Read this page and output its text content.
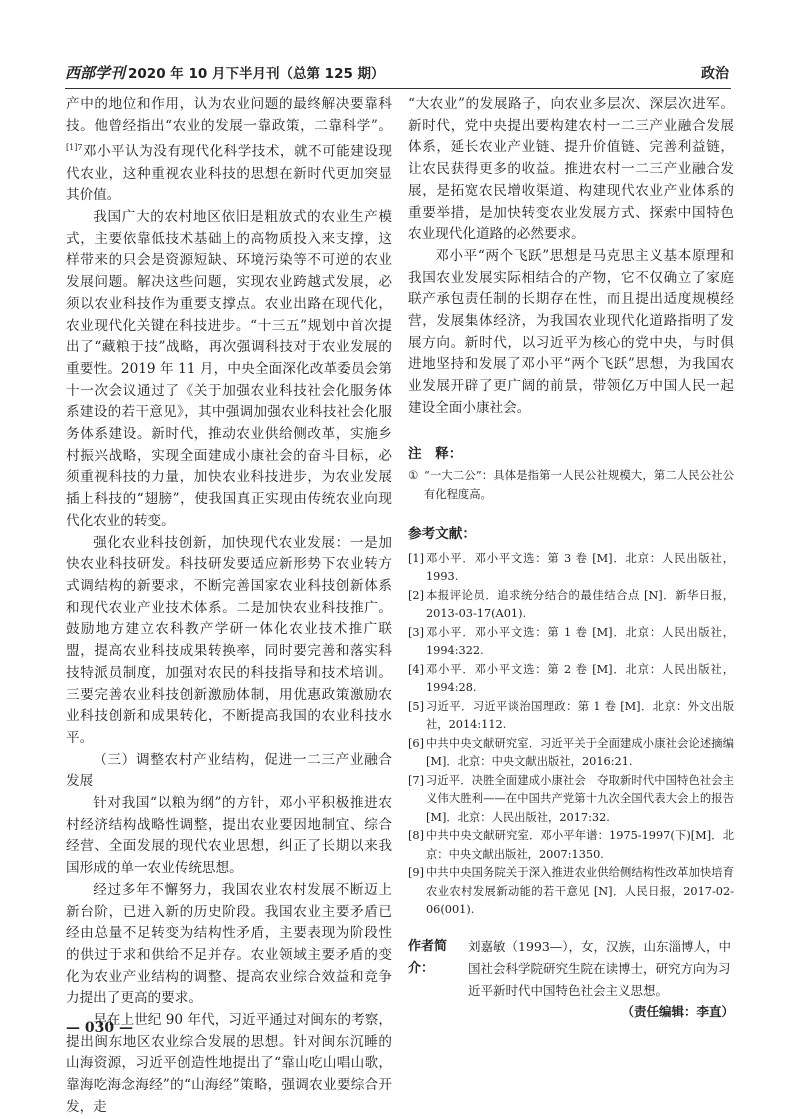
西部学刊 2020 年 10 月下半月刊（总第 125 期）	政治

产中的地位和作用，认为农业问题的最终解决要靠科技。他曾经指出“农业的发展一靠政策，二靠科学”。$^{[1]7}$邓小平认为没有现代化科学技术，就不可能建设现代农业，这种重视农业科技的思想在新时代更加突显其价值。

我国广大的农村地区依旧是粗放式的农业生产模式，主要依靠低技术基础上的高物质投入来支撑，这样带来的只会是资源短缺、环境污染等不可逆的农业发展问题。解决这些问题，实现农业跨越式发展，必须以农业科技作为重要支撑点。农业出路在现代化，农业现代化关键在科技进步。“十三五”规划中首次提出了“藏粮于技”战略，再次强调科技对于农业发展的重要性。2019 年 11 月，中央全面深化改革委员会第十一次会议通过了《关于加强农业科技社会化服务体系建设的若干意见》，其中强调加强农业科技社会化服务体系建设。新时代，推动农业供给侧改革，实施乡村振兴战略，实现全面建成小康社会的奋斗目标，必须重视科技的力量，加快农业科技进步，为农业发展插上科技的“翅膀”，使我国真正实现由传统农业向现代化农业的转变。

强化农业科技创新，加快现代农业发展：一是加快农业科技研发。科技研发要适应新形势下农业转方式调结构的新要求，不断完善国家农业科技创新体系和现代农业产业技术体系。二是加快农业科技推广。鼓励地方建立农科教产学研一体化农业技术推广联盟，提高农业科技成果转换率，同时要完善和落实科技特派员制度，加强对农民的科技指导和技术培训。三要完善农业科技创新激励体制，用优惠政策激励农业科技创新和成果转化，不断提高我国的农业科技水平。

（三）调整农村产业结构，促进一二三产业融合发展

针对我国“以粮为纲”的方针，邓小平积极推进农村经济结构战略性调整，提出农业要因地制宜、综合经营、全面发展的现代农业思想，纠正了长期以来我国形成的单一农业传统思想。

经过多年不懈努力，我国农业农村发展不断迈上新台阶，已进入新的历史阶段。我国农业主要矛盾已经由总量不足转变为结构性矛盾，主要表现为阶段性的供过于求和供给不足并存。农业领域主要矛盾的变化为农业产业结构的调整、提高农业综合效益和竞争力提出了更高的要求。

早在上世纪 90 年代，习近平通过对闽东的考察，提出闽东地区农业综合发展的思想。针对闽东沉睡的山海资源，习近平创造性地提出了“靠山吃山唱山歌，靠海吃海念海经”的“山海经”策略，强调农业要综合开发，走

“大农业”的发展路子，向农业多层次、深层次进军。新时代，党中央提出要构建农村一二三产业融合发展体系，延长农业产业链、提升价值链、完善利益链，让农民获得更多的收益。推进农村一二三产业融合发展，是拓宽农民增收渠道、构建现代农业产业体系的重要举措，是加快转变农业发展方式、探索中国特色农业现代化道路的必然要求。

邓小平“两个飞跃”思想是马克思主义基本原理和我国农业发展实际相结合的产物，它不仅确立了家庭联产承包责任制的长期存在性，而且提出适度规模经营，发展集体经济，为我国农业现代化道路指明了发展方向。新时代，以习近平为核心的党中央，与时俱进地坚持和发展了邓小平“两个飞跃”思想，为我国农业发展开辟了更广阔的前景，带领亿万中国人民一起建设全面小康社会。

注　释：

① “一大二公”：具体是指第一人民公社规模大，第二人民公社公有化程度高。

参考文献：

[1] 邓小平．邓小平文选：第 3 卷 [M]．北京：人民出版社，1993.
[2] 本报评论员．追求统分结合的最佳结合点 [N]．新华日报，2013-03-17(A01).
[3] 邓小平．邓小平文选：第 1 卷 [M]．北京：人民出版社，1994:322.
[4] 邓小平．邓小平文选：第 2 卷 [M]．北京：人民出版社，1994:28.
[5] 习近平．习近平谈治国理政：第 1 卷 [M]．北京：外文出版社，2014:112.
[6] 中共中央文献研究室．习近平关于全面建成小康社会论述摘编 [M]．北京：中央文献出版社，2016:21.
[7] 习近平．决胜全面建成小康社会　夺取新时代中国特色社会主义伟大胜利——在中国共产党第十九次全国代表大会上的报告 [M]．北京：人民出版社，2017:32.
[8] 中共中央文献研究室．邓小平年谱：1975-1997(下)[M]．北京：中央文献出版社，2007:1350.
[9] 中共中央国务院关于深入推进农业供给侧结构性改革加快培育农业农村发展新动能的若干意见 [N]．人民日报，2017-02-06(001).
作者简介：
刘嘉敏（1993—），女，汉族，山东淄博人，中国社会科学院研究生院在读博士，研究方向为习近平新时代中国特色社会主义思想。
（责任编辑：李直）
— 030 —
